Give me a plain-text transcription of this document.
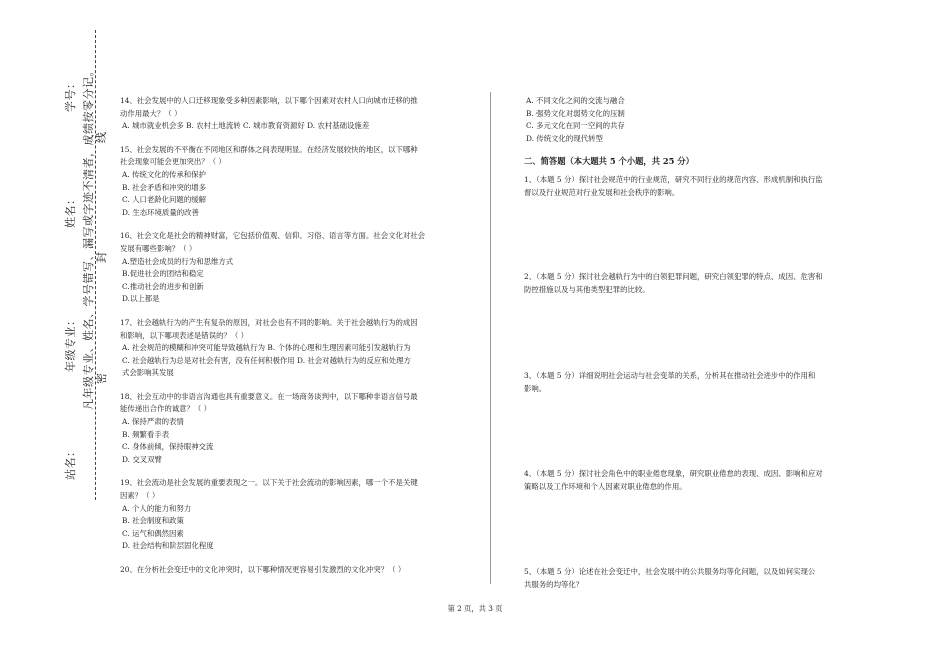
学号：
姓名：
年级专业：
站名：
凡年级专业、姓名、学号错写、漏写或字迹不清者，成绩按零分记。 线
封
密

14、社会发展中的人口迁移现象受多种因素影响，以下哪个因素对农村人口向城市迁移的推

动作用最大？（ ）

A. 城市就业机会多 B. 农村土地流转 C. 城市教育资源好 D. 农村基础设施差

15、社会发展的不平衡在不同地区和群体之间表现明显。在经济发展较快的地区，以下哪种

社会现象可能会更加突出？（ ）

A. 传统文化的传承和保护

B. 社会矛盾和冲突的增多

C. 人口老龄化问题的缓解

D. 生态环境质量的改善

16、社会文化是社会的精神财富，它包括价值观、信仰、习俗、语言等方面。社会文化对社会

发展有哪些影响？（ ）

A.塑造社会成员的行为和思维方式

B.促进社会的团结和稳定

C.推动社会的进步和创新

D.以上都是

17、社会越轨行为的产生有复杂的原因，对社会也有不同的影响。关于社会越轨行为的成因

和影响，以下哪项表述是错误的？（ ）

A. 社会规范的模糊和冲突可能导致越轨行为 B. 个体的心理和生理因素可能引发越轨行为

C. 社会越轨行为总是对社会有害，没有任何积极作用 D. 社会对越轨行为的反应和处理方

式会影响其发展

18、社会互动中的非语言沟通也具有重要意义。在一场商务谈判中，以下哪种非语言信号最

能传递出合作的诚意？（ ）

A. 保持严肃的表情

B. 频繁看手表

C. 身体前倾，保持眼神交流

D. 交叉双臂

19、社会流动是社会发展的重要表现之一。以下关于社会流动的影响因素，哪一个不是关键

因素？（ ）

A. 个人的能力和努力

B. 社会制度和政策

C. 运气和偶然因素

D. 社会结构和阶层固化程度

20、在分析社会变迁中的文化冲突时，以下哪种情况更容易引发激烈的文化冲突？（ ）

A. 不同文化之间的交流与融合

B. 强势文化对弱势文化的压制

C. 多元文化在同一空间的共存

D. 传统文化的现代转型

二、简答题（本大题共 5 个小题，共 25 分）

1、（本题 5 分）探讨社会规范中的行业规范，研究不同行业的规范内容、形成机制和执行监

督以及行业规范对行业发展和社会秩序的影响。

2、（本题 5 分）探讨社会越轨行为中的白领犯罪问题，研究白领犯罪的特点、成因、危害和

防控措施以及与其他类型犯罪的比较。

3、（本题 5 分）详细说明社会运动与社会变革的关系，分析其在推动社会进步中的作用和

影响。

4、（本题 5 分）探讨社会角色中的职业倦怠现象，研究职业倦怠的表现、成因、影响和应对

策略以及工作环境和个人因素对职业倦怠的作用。

5、（本题 5 分）论述在社会变迁中，社会发展中的公共服务均等化问题，以及如何实现公

共服务的均等化？

第 2 页，共 3 页
